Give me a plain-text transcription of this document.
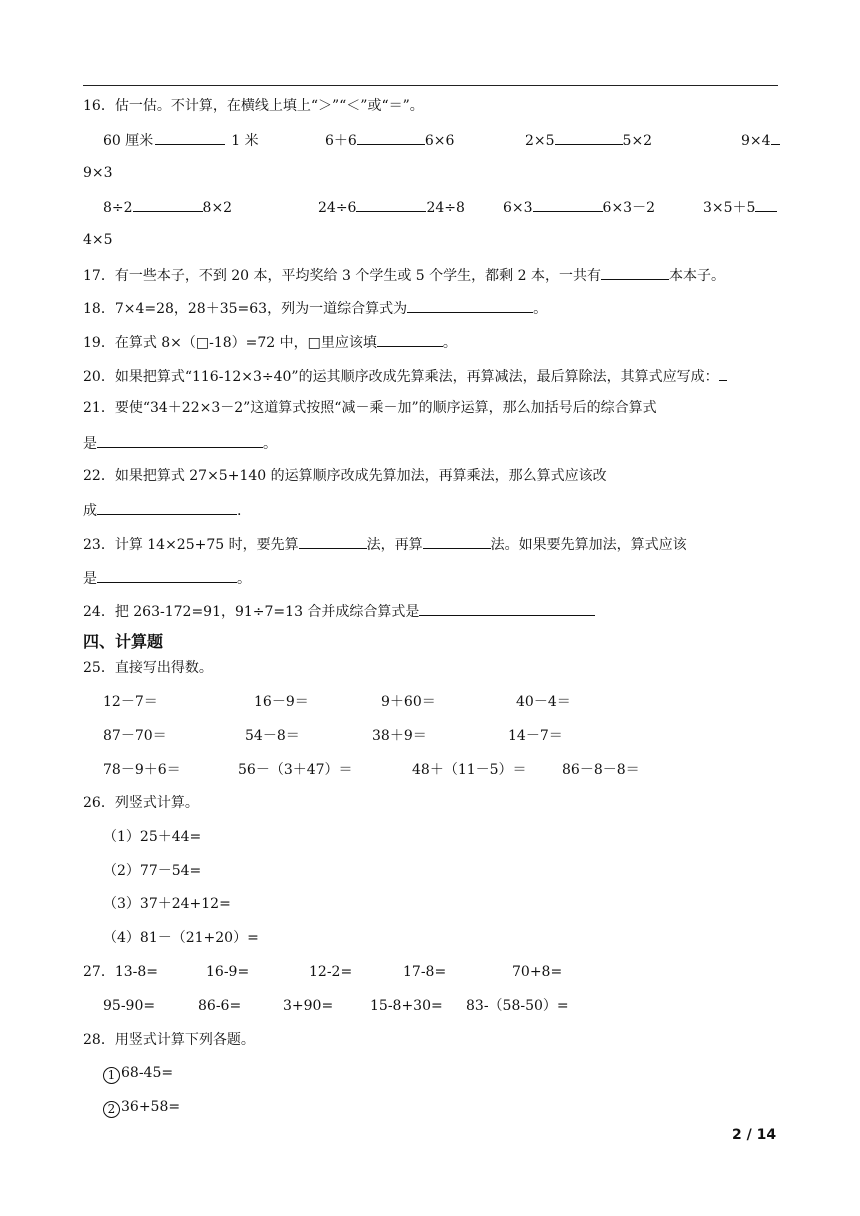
16．估一估。不计算，在横线上填上“＞”“＜”或“＝”。
60 厘米	1 米	6＋6	6×6	2×5	5×2	9×4
9×3
8÷2	8×2	24÷6	24÷8	6×3	6×3－2	3×5＋5
4×5
17．有一些本子，不到 20 本，平均奖给 3 个学生或 5 个学生，都剩 2 本，一共有	本本子。
18．7×4=28，28＋35=63，列为一道综合算式为	。
19．在算式 8×（□-18）=72 中，□里应该填	。
20．如果把算式“116-12×3÷40”的运其顺序改成先算乘法，再算减法，最后算除法，其算式应写成：
21．要使“34＋22×3－2”这道算式按照“减－乘－加”的顺序运算，那么加括号后的综合算式
是	。
22．如果把算式 27×5+140 的运算顺序改成先算加法，再算乘法，那么算式应该改
成	.
23．计算 14×25+75 时，要先算	法，再算	法。如果要先算加法，算式应该
是	。
24．把 263-172=91，91÷7=13 合并成综合算式是
四、计算题
25．直接写出得数。
12－7＝	16－9＝	9＋60＝	40－4＝
87－70＝	54－8＝	38＋9＝	14－7＝
78－9＋6＝	56－（3＋47）＝	48＋（11－5）＝	86－8－8＝
26．列竖式计算。
（1）25＋44=
（2）77－54=
（3）37＋24+12=
（4）81－（21+20）=
27．13-8=	16-9=	12-2=	17-8=	70+8=
95-90=	86-6=	3+90=	15-8+30= 83-（58-50）=
28．用竖式计算下列各题。
1 68-45=
2 36+58=
2 / 14
